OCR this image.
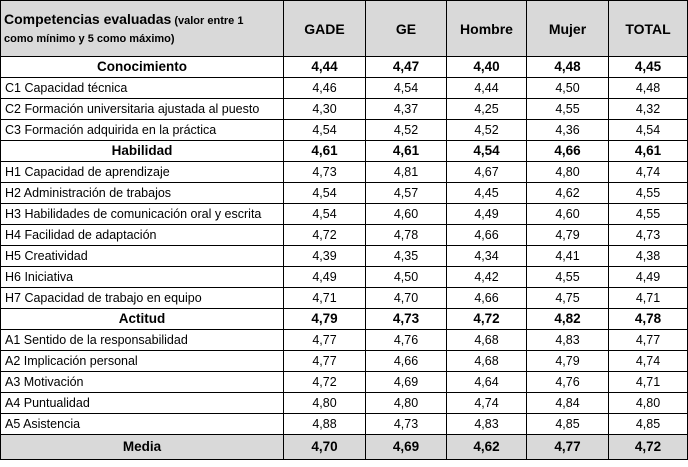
Competencias evaluadas (valor entre 1
como mínimo y 5 como máximo)	GADE	GE	Hombre	Mujer	TOTAL
Conocimiento	4,44	4,47	4,40	4,48	4,45
C1 Capacidad técnica	4,46	4,54	4,44	4,50	4,48
C2 Formación universitaria ajustada al puesto	4,30	4,37	4,25	4,55	4,32
C3 Formación adquirida en la práctica	4,54	4,52	4,52	4,36	4,54
Habilidad	4,61	4,61	4,54	4,66	4,61
H1 Capacidad de aprendizaje	4,73	4,81	4,67	4,80	4,74
H2 Administración de trabajos	4,54	4,57	4,45	4,62	4,55
H3 Habilidades de comunicación oral y escrita	4,54	4,60	4,49	4,60	4,55
H4 Facilidad de adaptación	4,72	4,78	4,66	4,79	4,73
H5 Creatividad	4,39	4,35	4,34	4,41	4,38
H6 Iniciativa	4,49	4,50	4,42	4,55	4,49
H7 Capacidad de trabajo en equipo	4,71	4,70	4,66	4,75	4,71
Actitud	4,79	4,73	4,72	4,82	4,78
A1 Sentido de la responsabilidad	4,77	4,76	4,68	4,83	4,77
A2 Implicación personal	4,77	4,66	4,68	4,79	4,74
A3 Motivación	4,72	4,69	4,64	4,76	4,71
A4 Puntualidad	4,80	4,80	4,74	4,84	4,80
A5 Asistencia	4,88	4,73	4,83	4,85	4,85
Media	4,70	4,69	4,62	4,77	4,72
